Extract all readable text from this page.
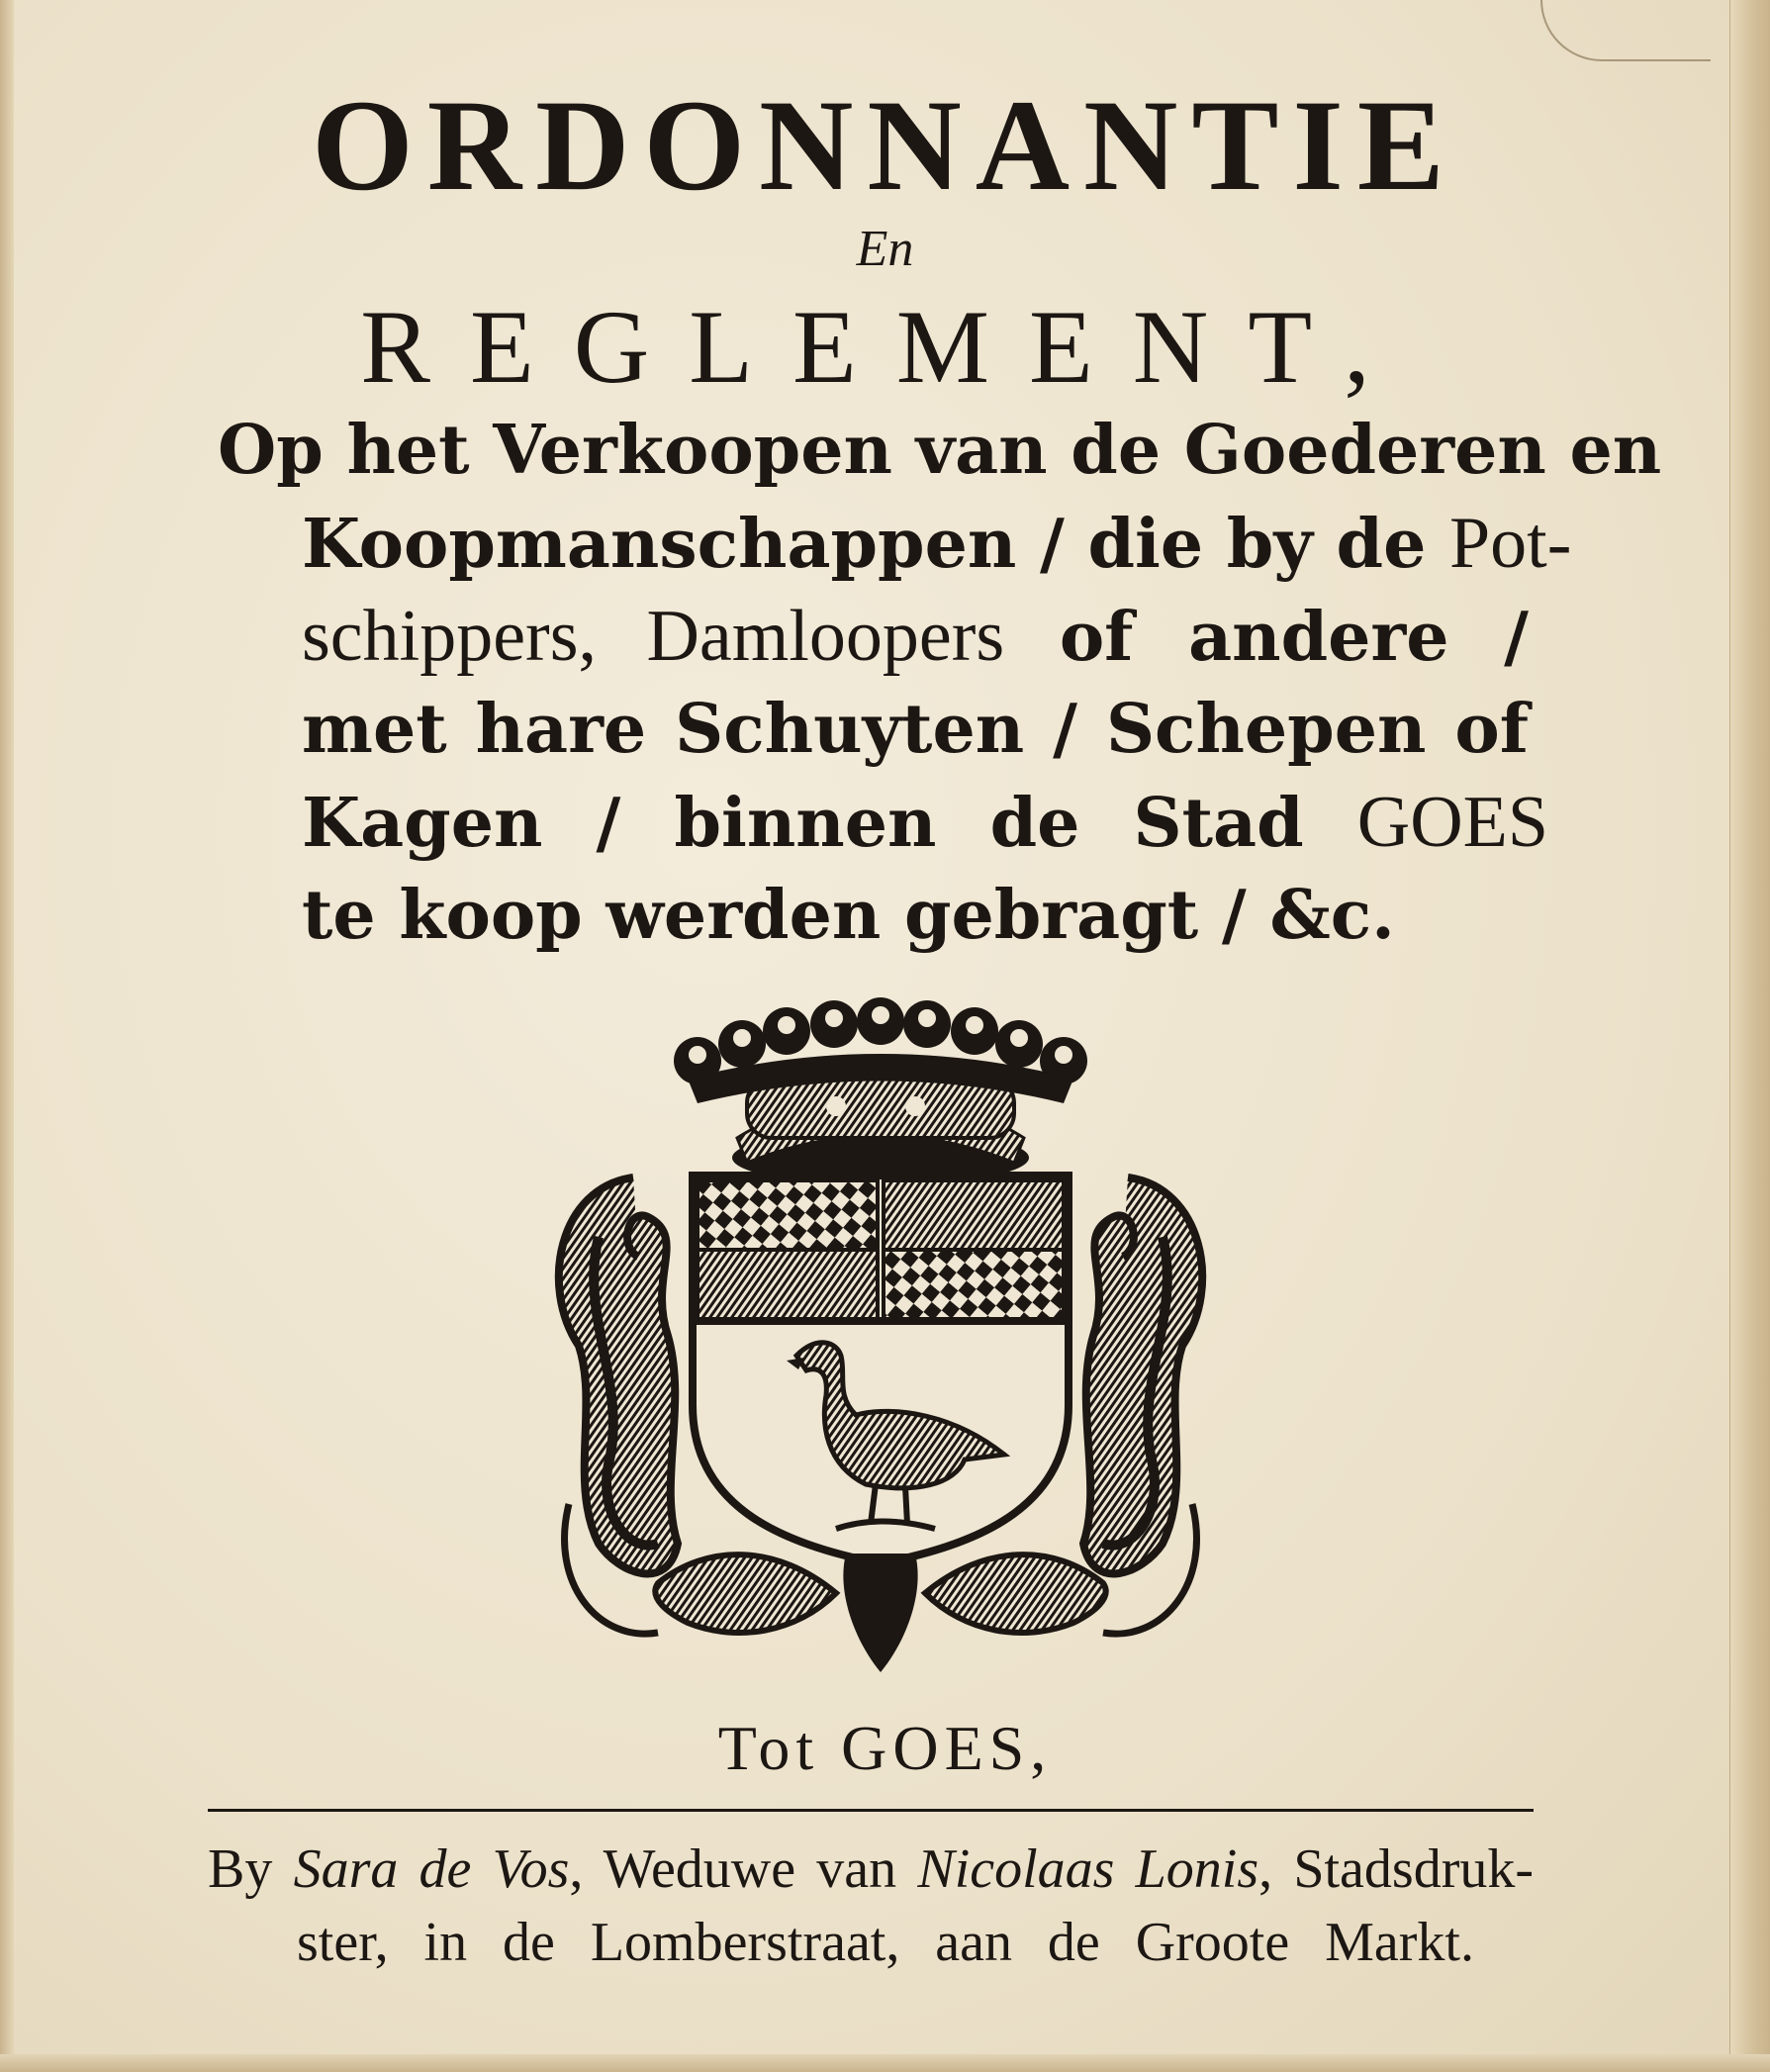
ORDONNANTIE
En
REGLEMENT,
Op het Verkoopen van de Goederen en
Koopmanschappen / die by de Pot-
schippers, Damloopers of andere /
met hare Schuyten / Schepen of
Kagen / binnen de Stad GOES
te koop werden gebragt / &c.
Tot GOES,
By Sara de Vos, Weduwe van Nicolaas Lonis, Stadsdruk-
ster, in de Lomberstraat, aan de Groote Markt.
